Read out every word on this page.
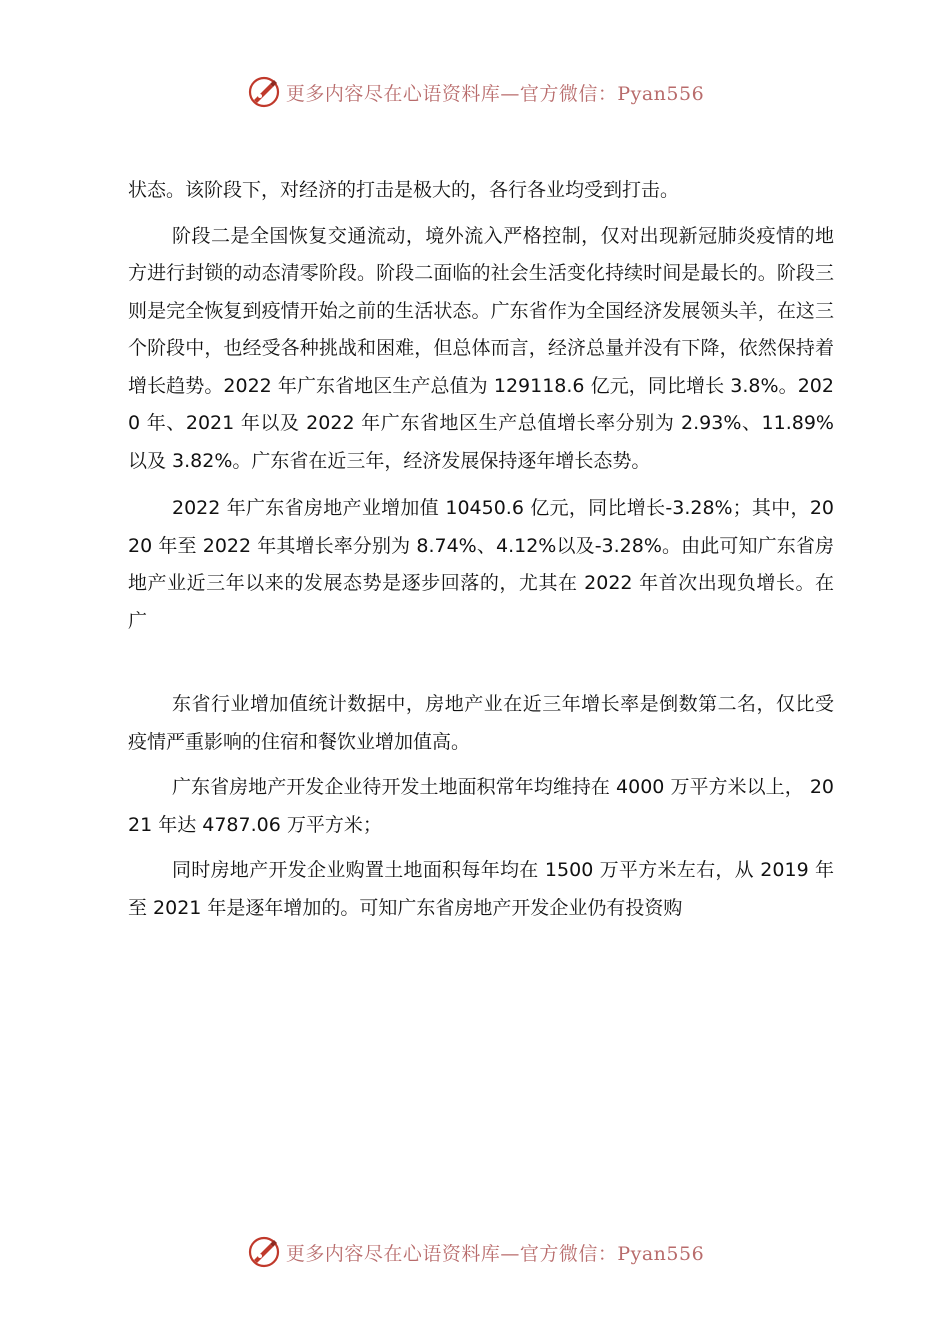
更多内容尽在心语资料库—官方微信：Pyan556

状态。该阶段下，对经济的打击是极大的，各行各业均受到打击。

阶段二是全国恢复交通流动，境外流入严格控制，仅对出现新冠肺炎疫情的地方进行封锁的动态清零阶段。阶段二面临的社会生活变化持续时间是最长的。阶段三则是完全恢复到疫情开始之前的生活状态。广东省作为全国经济发展领头羊，在这三个阶段中，也经受各种挑战和困难，但总体而言，经济总量并没有下降，依然保持着增长趋势。2022 年广东省地区生产总值为 129118.6 亿元，同比增长 3.8%。2020 年、2021 年以及 2022 年广东省地区生产总值增长率分别为 2.93%、11.89%以及 3.82%。广东省在近三年，经济发展保持逐年增长态势。

2022 年广东省房地产业增加值 10450.6 亿元，同比增长-3.28%；其中，2020 年至 2022 年其增长率分别为 8.74%、4.12%以及-3.28%。由此可知广东省房地产业近三年以来的发展态势是逐步回落的，尤其在 2022 年首次出现负增长。在广

东省行业增加值统计数据中，房地产业在近三年增长率是倒数第二名，仅比受疫情严重影响的住宿和餐饮业增加值高。

广东省房地产开发企业待开发土地面积常年均维持在 4000 万平方米以上， 2021 年达 4787.06 万平方米；

同时房地产开发企业购置土地面积每年均在 1500 万平方米左右，从 2019 年至 2021 年是逐年增加的。可知广东省房地产开发企业仍有投资购

更多内容尽在心语资料库—官方微信：Pyan556
